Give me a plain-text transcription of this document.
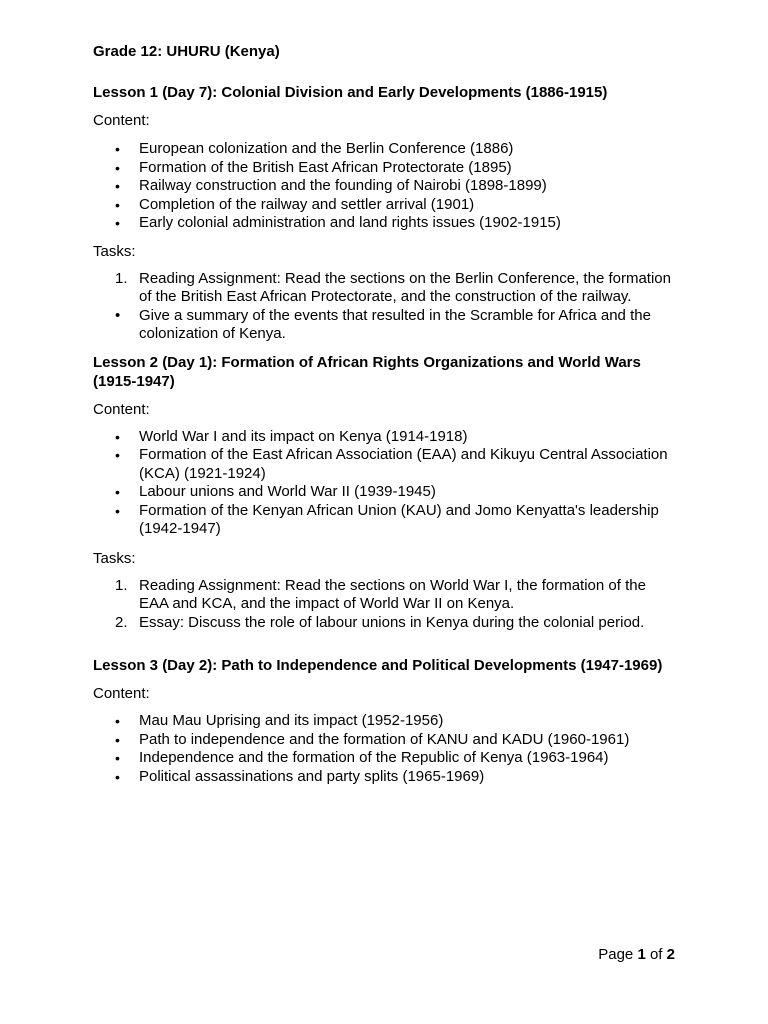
Grade 12: UHURU (Kenya)
Lesson 1 (Day 7): Colonial Division and Early Developments (1886-1915)
Content:
• European colonization and the Berlin Conference (1886)
• Formation of the British East African Protectorate (1895)
• Railway construction and the founding of Nairobi (1898-1899)
• Completion of the railway and settler arrival (1901)
• Early colonial administration and land rights issues (1902-1915)
Tasks:
1. Reading Assignment: Read the sections on the Berlin Conference, the formation of the British East African Protectorate, and the construction of the railway.
• Give a summary of the events that resulted in the Scramble for Africa and the colonization of Kenya.
Lesson 2 (Day 1): Formation of African Rights Organizations and World Wars (1915-1947)
Content:
• World War I and its impact on Kenya (1914-1918)
• Formation of the East African Association (EAA) and Kikuyu Central Association (KCA) (1921-1924)
• Labour unions and World War II (1939-1945)
• Formation of the Kenyan African Union (KAU) and Jomo Kenyatta's leadership (1942-1947)
Tasks:
1. Reading Assignment: Read the sections on World War I, the formation of the EAA and KCA, and the impact of World War II on Kenya.
2. Essay: Discuss the role of labour unions in Kenya during the colonial period.
Lesson 3 (Day 2): Path to Independence and Political Developments (1947-1969)
Content:
• Mau Mau Uprising and its impact (1952-1956)
• Path to independence and the formation of KANU and KADU (1960-1961)
• Independence and the formation of the Republic of Kenya (1963-1964)
• Political assassinations and party splits (1965-1969)
Page 1 of 2
